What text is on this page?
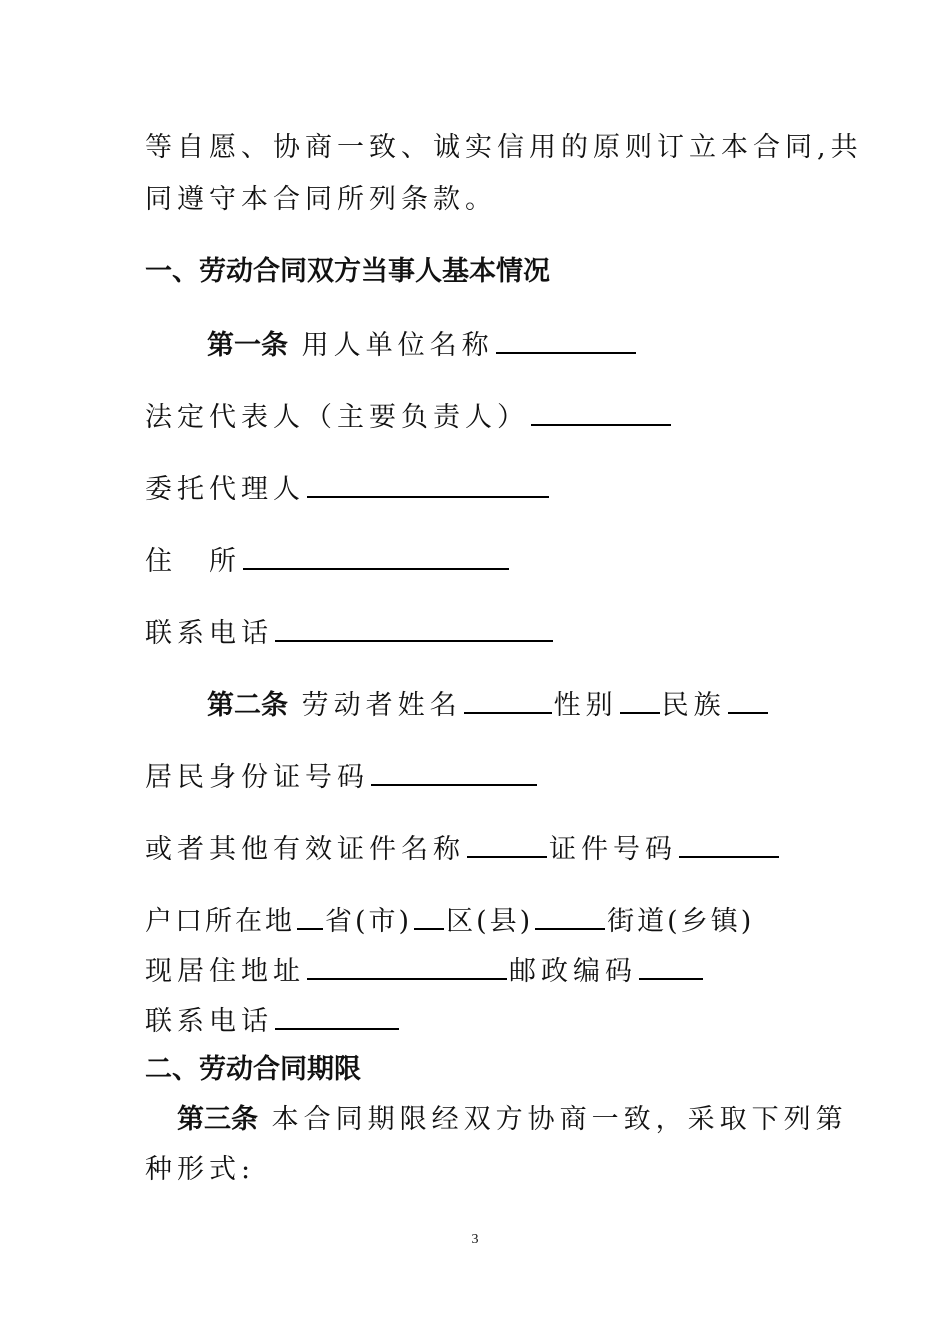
等自愿、协商一致、诚实信用的原则订立本合同,共
同遵守本合同所列条款。
一、劳动合同双方当事人基本情况
第一条 用人单位名称
法定代表人（主要负责人）
委托代理人
住　所
联系电话
第二条 劳动者姓名	性别 民族
居民身份证号码
或者其他有效证件名称	证件号码
户口所在地 省(市) 区(县)	街道(乡镇)
现居住地址	邮政编码
联系电话
二、劳动合同期限
第三条 本合同期限经双方协商一致，采取下列第
种形式:
3
